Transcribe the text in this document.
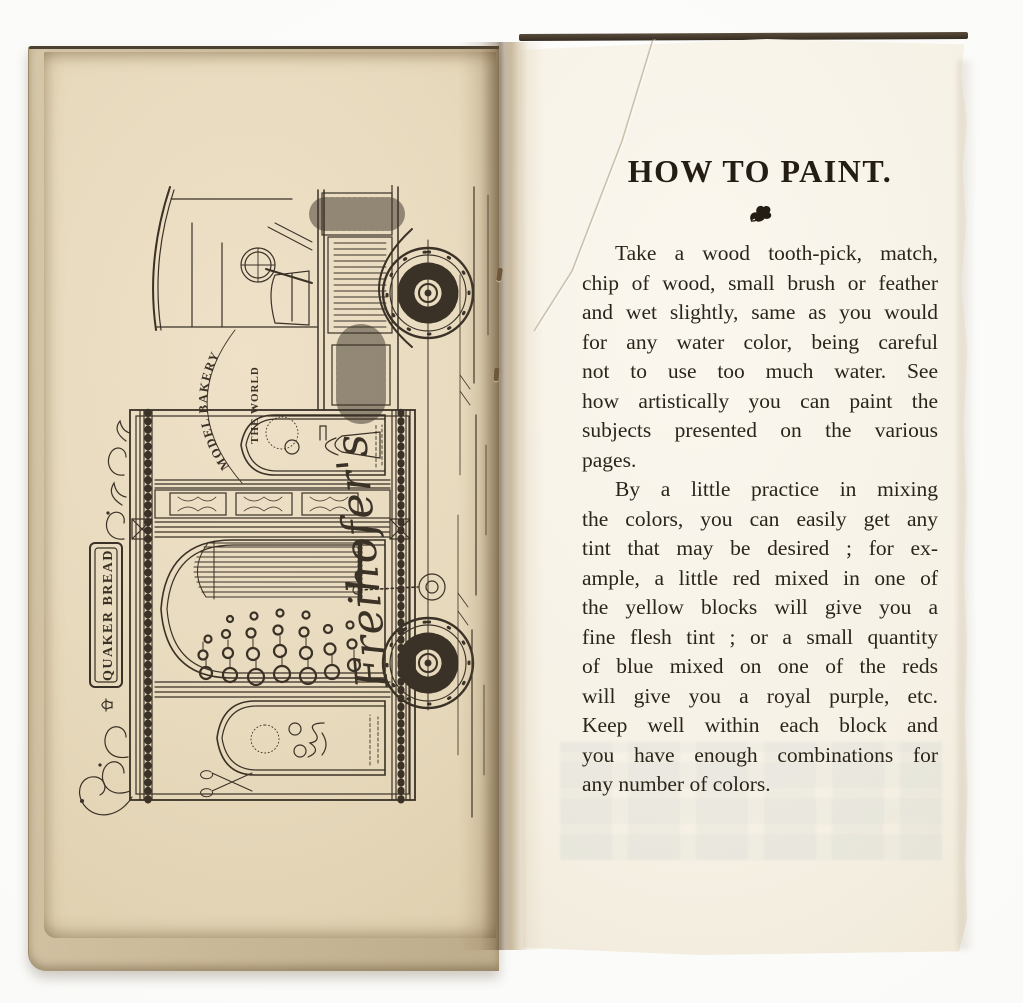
QUAKER BREAD	Freihofer's
MODEL BAKERY
THE WORLD
HOW TO PAINT.
Take a wood tooth-pick, match,
chip of wood, small brush or feather
and wet slightly, same as you would
for any water color, being careful
not to use too much water. See
how artistically you can paint the
subjects presented on the various
pages.
By a little practice in mixing
the colors, you can easily get any
tint that may be desired ; for ex-
ample, a little red mixed in one of
the yellow blocks will give you a
fine flesh tint ; or a small quantity
of blue mixed on one of the reds
will give you a royal purple, etc.
Keep well within each block and
you have enough combinations for
any number of colors.
